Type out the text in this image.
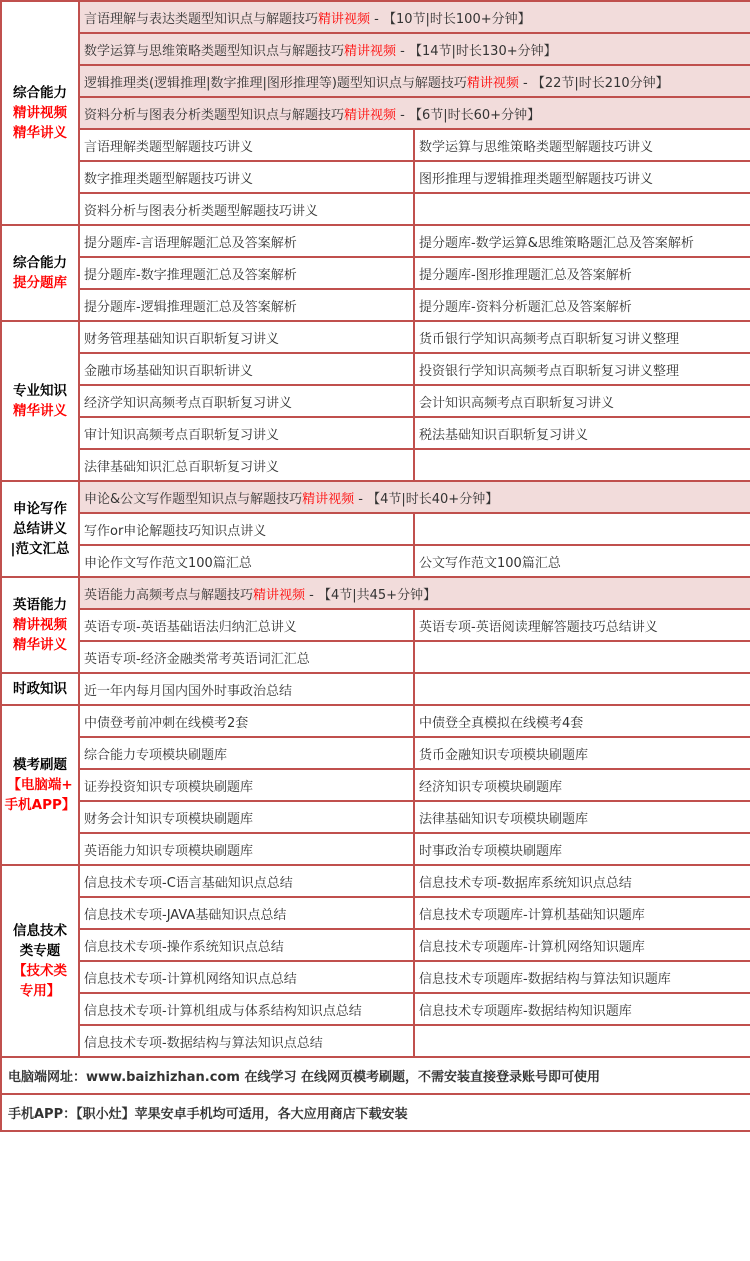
综合能力
精讲视频
精华讲义	言语理解与表达类题型知识点与解题技巧精讲视频 - 【10节|时长100+分钟】	
	数学运算与思维策略类题型知识点与解题技巧精讲视频 - 【14节|时长130+分钟】	
	逻辑推理类(逻辑推理|数字推理|图形推理等)题型知识点与解题技巧精讲视频 - 【22节|时长210分钟】	
	资料分析与图表分析类题型知识点与解题技巧精讲视频 - 【6节|时长60+分钟】	
	言语理解类题型解题技巧讲义	数学运算与思维策略类题型解题技巧讲义
	数字推理类题型解题技巧讲义	图形推理与逻辑推理类题型解题技巧讲义
	资料分析与图表分析类题型解题技巧讲义	

综合能力
提分题库	提分题库-言语理解题汇总及答案解析	提分题库-数学运算&思维策略题汇总及答案解析
	提分题库-数字推理题汇总及答案解析	提分题库-图形推理题汇总及答案解析
	提分题库-逻辑推理题汇总及答案解析	提分题库-资料分析题汇总及答案解析

专业知识
精华讲义	财务管理基础知识百职斩复习讲义	货币银行学知识高频考点百职斩复习讲义整理
	金融市场基础知识百职斩讲义	投资银行学知识高频考点百职斩复习讲义整理
	经济学知识高频考点百职斩复习讲义	会计知识高频考点百职斩复习讲义
	审计知识高频考点百职斩复习讲义	税法基础知识百职斩复习讲义
	法律基础知识汇总百职斩复习讲义	

申论写作
总结讲义
|范文汇总	申论&公文写作题型知识点与解题技巧精讲视频 - 【4节|时长40+分钟】	
	写作or申论解题技巧知识点讲义	
	申论作文写作范文100篇汇总	公文写作范文100篇汇总

英语能力
精讲视频
精华讲义	英语能力高频考点与解题技巧精讲视频 - 【4节|共45+分钟】	
	英语专项-英语基础语法归纳汇总讲义	英语专项-英语阅读理解答题技巧总结讲义
	英语专项-经济金融类常考英语词汇汇总	

时政知识	近一年内每月国内国外时事政治总结	

模考刷题
【电脑端+
手机APP】	中债登考前冲刺在线模考2套	中债登全真模拟在线模考4套
	综合能力专项模块刷题库	货币金融知识专项模块刷题库
	证券投资知识专项模块刷题库	经济知识专项模块刷题库
	财务会计知识专项模块刷题库	法律基础知识专项模块刷题库
	英语能力知识专项模块刷题库	时事政治专项模块刷题库

信息技术
类专题
【技术类
专用】	信息技术专项-C语言基础知识点总结	信息技术专项-数据库系统知识点总结
	信息技术专项-JAVA基础知识点总结	信息技术专项题库-计算机基础知识题库
	信息技术专项-操作系统知识点总结	信息技术专项题库-计算机网络知识题库
	信息技术专项-计算机网络知识点总结	信息技术专项题库-数据结构与算法知识题库
	信息技术专项-计算机组成与体系结构知识点总结	信息技术专项题库-数据结构知识题库
	信息技术专项-数据结构与算法知识点总结	
电脑端网址：www.baizhizhan.com 在线学习 在线网页模考刷题，不需安装直接登录账号即可使用		
手机APP：【职小灶】苹果安卓手机均可适用，各大应用商店下载安装		
